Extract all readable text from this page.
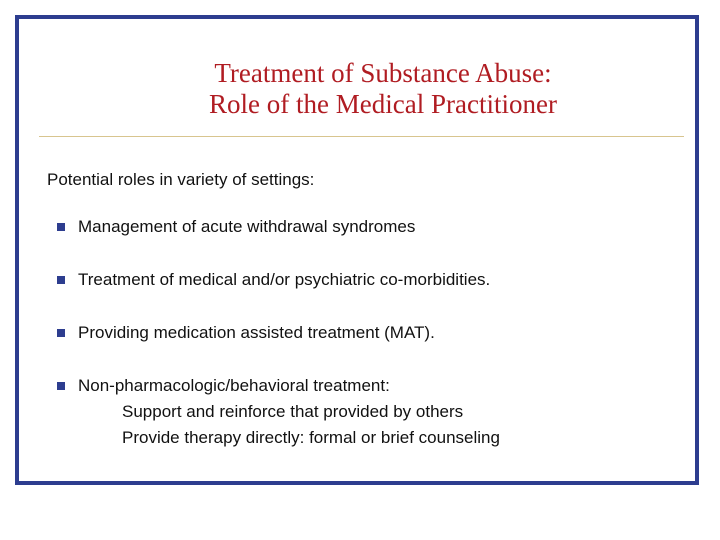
Treatment of Substance Abuse:
Role of the Medical Practitioner
Potential roles in variety of settings:
Management of acute withdrawal syndromes
Treatment of medical and/or psychiatric co-morbidities.
Providing medication assisted treatment (MAT).
Non-pharmacologic/behavioral treatment:
Support and reinforce that provided by others
Provide therapy directly: formal or brief counseling
